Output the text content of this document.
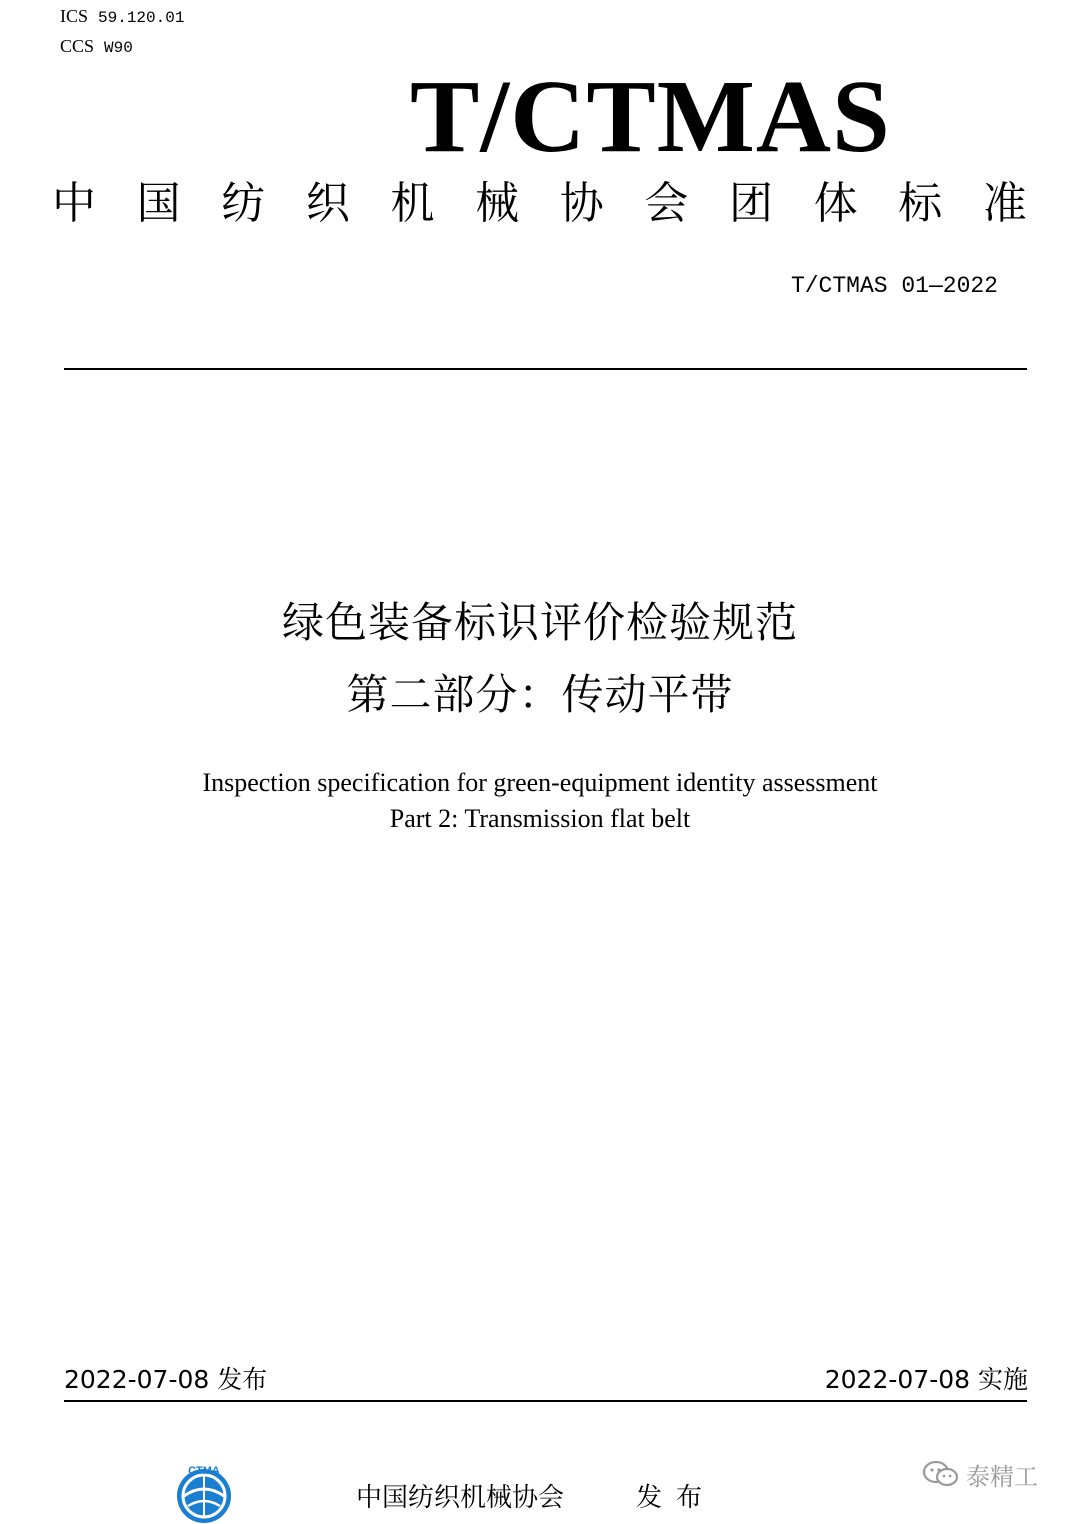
ICS 59.120.01
CCS W90
T/CTMAS
中 国 纺 织 机 械 协 会 团 体 标 准
T/CTMAS 01—2022
绿色装备标识评价检验规范
第二部分：传动平带
Inspection specification for green-equipment identity assessment
Part 2: Transmission flat belt
2022-07-08 发布	2022-07-08 实施
CTMA
中国纺织机械协会	发布
泰精工
